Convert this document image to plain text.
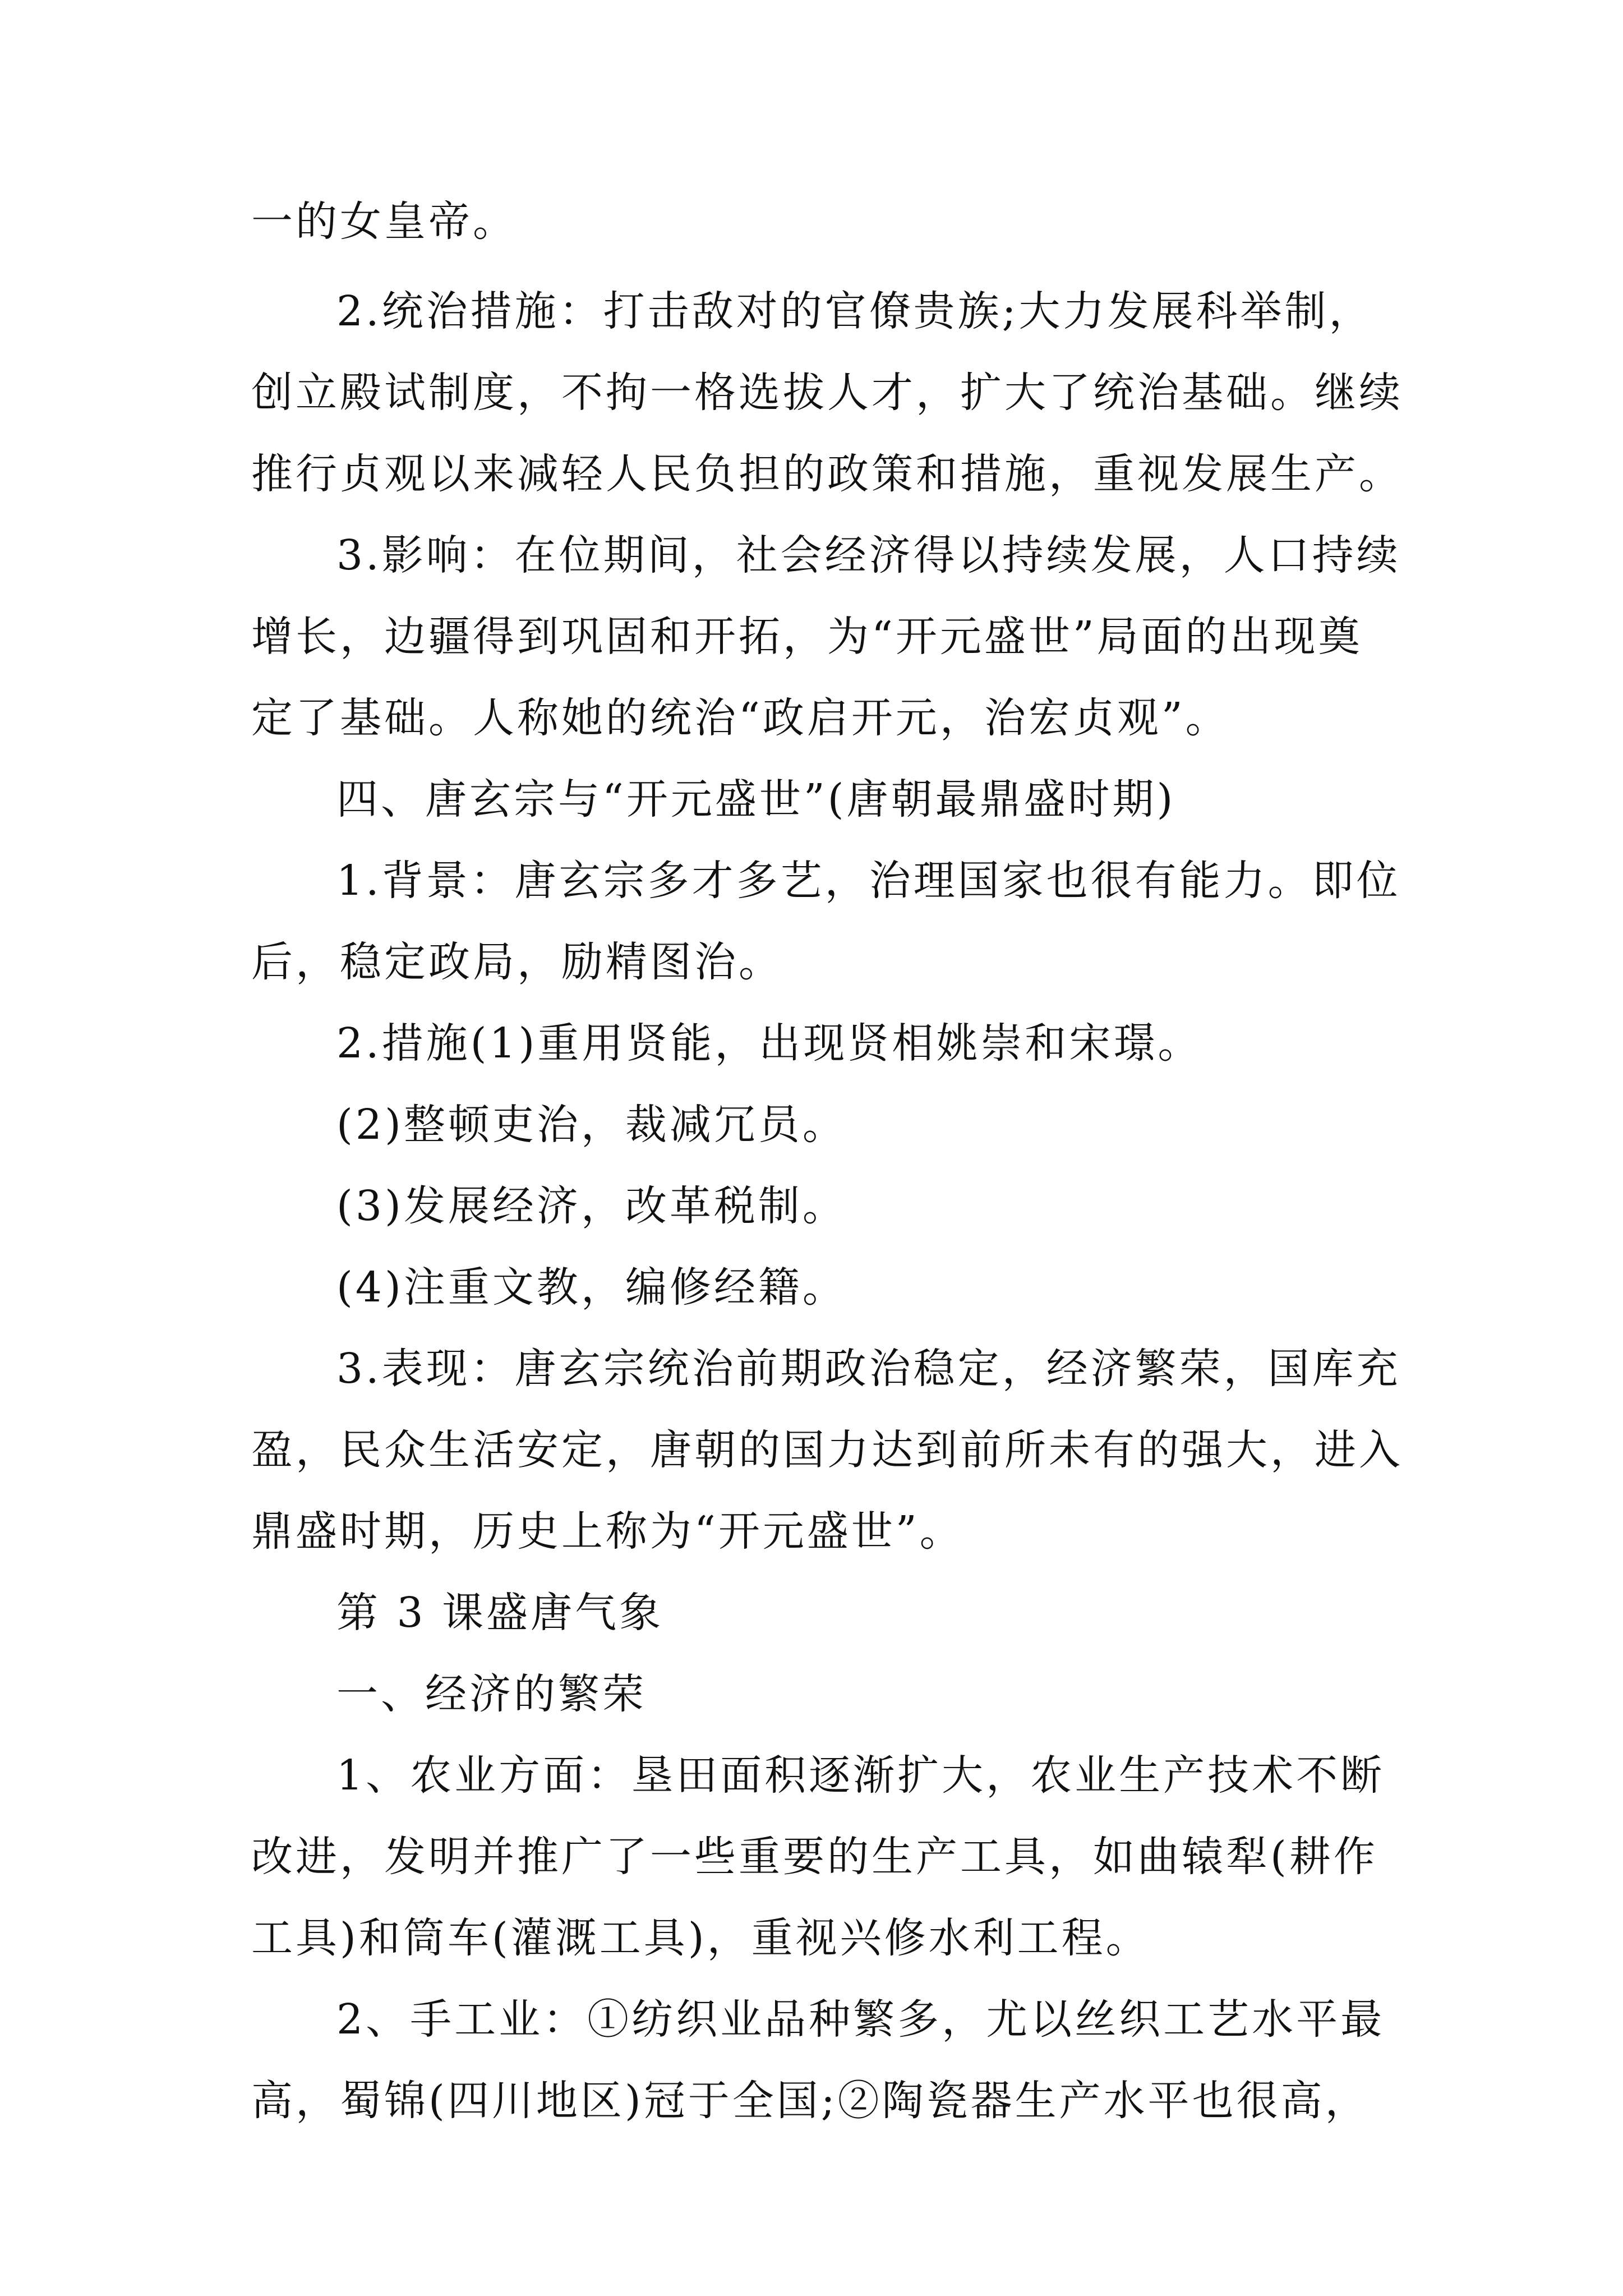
一的女皇帝。
2.统治措施：打击敌对的官僚贵族;大力发展科举制，
创立殿试制度，不拘一格选拔人才，扩大了统治基础。继续
推行贞观以来减轻人民负担的政策和措施，重视发展生产。
3.影响：在位期间，社会经济得以持续发展，人口持续
增长，边疆得到巩固和开拓，为“开元盛世”局面的出现奠
定了基础。人称她的统治“政启开元，治宏贞观”。
四、唐玄宗与“开元盛世”(唐朝最鼎盛时期)
1.背景：唐玄宗多才多艺，治理国家也很有能力。即位
后，稳定政局，励精图治。
2.措施(1)重用贤能，出现贤相姚崇和宋璟。
(2)整顿吏治，裁减冗员。
(3)发展经济，改革税制。
(4)注重文教，编修经籍。
3.表现：唐玄宗统治前期政治稳定，经济繁荣，国库充
盈，民众生活安定，唐朝的国力达到前所未有的强大，进入
鼎盛时期，历史上称为“开元盛世”。
第 3 课盛唐气象
一、经济的繁荣
1、农业方面：垦田面积逐渐扩大，农业生产技术不断
改进，发明并推广了一些重要的生产工具，如曲辕犁(耕作
工具)和筒车(灌溉工具)，重视兴修水利工程。
2、手工业：①纺织业品种繁多，尤以丝织工艺水平最
高，蜀锦(四川地区)冠于全国;②陶瓷器生产水平也很高，
